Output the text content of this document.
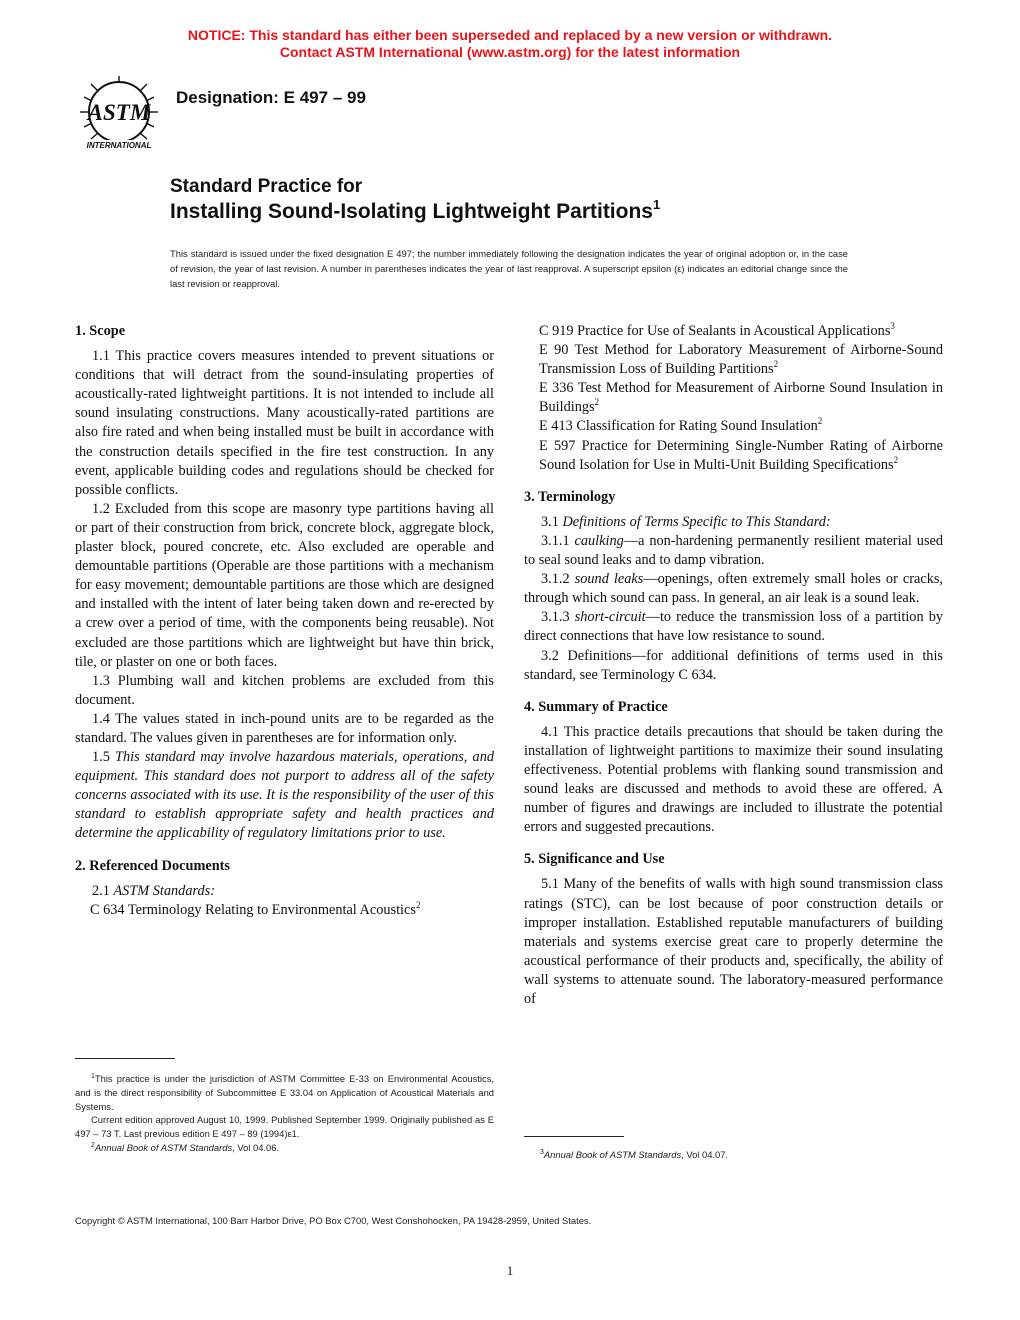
NOTICE: This standard has either been superseded and replaced by a new version or withdrawn.
Contact ASTM International (www.astm.org) for the latest information
ASTM
INTERNATIONAL
Designation: E 497 – 99
Standard Practice for
Installing Sound-Isolating Lightweight Partitions$^1$
This standard is issued under the fixed designation E 497; the number immediately following the designation indicates the year of original adoption or, in the case of revision, the year of last revision. A number in parentheses indicates the year of last reapproval. A superscript epsilon (ε) indicates an editorial change since the last revision or reapproval.

1. Scope

1.1 This practice covers measures intended to prevent situations or conditions that will detract from the sound-insulating properties of acoustically-rated lightweight partitions. It is not intended to include all sound insulating constructions. Many acoustically-rated partitions are also fire rated and when being installed must be built in accordance with the construction details specified in the fire test construction. In any event, applicable building codes and regulations should be checked for possible conflicts.

1.2 Excluded from this scope are masonry type partitions having all or part of their construction from brick, concrete block, aggregate block, plaster block, poured concrete, etc. Also excluded are operable and demountable partitions (Operable are those partitions with a mechanism for easy movement; demountable partitions are those which are designed and installed with the intent of later being taken down and re-erected by a crew over a period of time, with the components being reusable). Not excluded are those partitions which are lightweight but have thin brick, tile, or plaster on one or both faces.

1.3 Plumbing wall and kitchen problems are excluded from this document.

1.4 The values stated in inch-pound units are to be regarded as the standard. The values given in parentheses are for information only.

1.5 This standard may involve hazardous materials, operations, and equipment. This standard does not purport to address all of the safety concerns associated with its use. It is the responsibility of the user of this standard to establish appropriate safety and health practices and determine the applicability of regulatory limitations prior to use.

2. Referenced Documents

2.1 ASTM Standards:

C 634 Terminology Relating to Environmental Acoustics$^2$

C 919 Practice for Use of Sealants in Acoustical Applications$^3$

E 90 Test Method for Laboratory Measurement of Airborne-Sound Transmission Loss of Building Partitions$^2$

E 336 Test Method for Measurement of Airborne Sound Insulation in Buildings$^2$

E 413 Classification for Rating Sound Insulation$^2$

E 597 Practice for Determining Single-Number Rating of Airborne Sound Isolation for Use in Multi-Unit Building Specifications$^2$

3. Terminology

3.1 Definitions of Terms Specific to This Standard:

3.1.1 caulking—a non-hardening permanently resilient material used to seal sound leaks and to damp vibration.

3.1.2 sound leaks—openings, often extremely small holes or cracks, through which sound can pass. In general, an air leak is a sound leak.

3.1.3 short-circuit—to reduce the transmission loss of a partition by direct connections that have low resistance to sound.

3.2 Definitions—for additional definitions of terms used in this standard, see Terminology C 634.

4. Summary of Practice

4.1 This practice details precautions that should be taken during the installation of lightweight partitions to maximize their sound insulating effectiveness. Potential problems with flanking sound transmission and sound leaks are discussed and methods to avoid these are offered. A number of figures and drawings are included to illustrate the potential errors and suggested precautions.

5. Significance and Use

5.1 Many of the benefits of walls with high sound transmission class ratings (STC), can be lost because of poor construction details or improper installation. Established reputable manufacturers of building materials and systems exercise great care to properly determine the acoustical performance of their products and, specifically, the ability of wall systems to attenuate sound. The laboratory-measured performance of

$^1$This practice is under the jurisdiction of ASTM Committee E-33 on Environmental Acoustics, and is the direct responsibility of Subcommittee E 33.04 on Application of Acoustical Materials and Systems.

Current edition approved August 10, 1999. Published September 1999. Originally published as E 497 – 73 T. Last previous edition E 497 – 89 (1994)ε1.

$^2$Annual Book of ASTM Standards, Vol 04.06.	$^3$Annual Book of ASTM Standards, Vol 04.07.

Copyright © ASTM International, 100 Barr Harbor Drive, PO Box C700, West Conshohocken, PA 19428-2959, United States.
1
